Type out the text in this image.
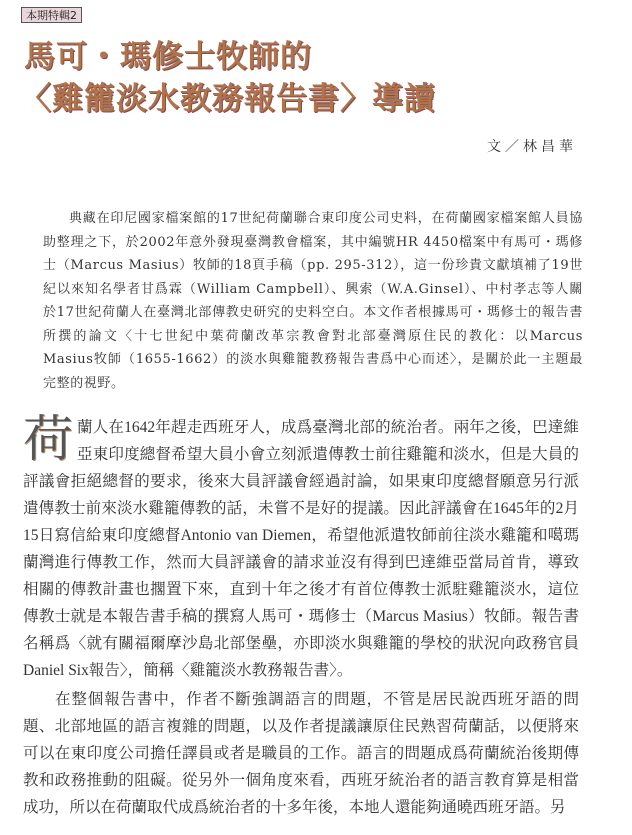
本期特輯2
馬可・瑪修士牧師的
〈雞籠淡水教務報告書〉導讀
文／林昌華

典藏在印尼國家檔案館的17世紀荷蘭聯合東印度公司史料，在荷蘭國家檔案館人員協助整理之下，於2002年意外發現臺灣教會檔案，其中編號HR 4450檔案中有馬可・瑪修士（Marcus Masius）牧師的18頁手稿（pp. 295-312），這一份珍貴文獻填補了19世紀以來知名學者甘爲霖（William Campbell）、興索（W.A.Ginsel）、中村孝志等人關於17世紀荷蘭人在臺灣北部傳教史研究的史料空白。本文作者根據馬可・瑪修士的報告書所撰的論文〈十七世紀中葉荷蘭改革宗教會對北部臺灣原住民的教化：以Marcus Masius牧師（1655-1662）的淡水與雞籠教務報告書爲中心而述〉，是關於此一主題最完整的視野。

荷蘭人在1642年趕走西班牙人，成爲臺灣北部的統治者。兩年之後，巴達維亞東印度總督希望大員小會立刻派遣傳教士前往雞籠和淡水，但是大員的評議會拒絕總督的要求，後來大員評議會經過討論，如果東印度總督願意另行派遣傳教士前來淡水雞籠傳教的話，未嘗不是好的提議。因此評議會在1645年的2月15日寫信給東印度總督Antonio van Diemen，希望他派遣牧師前往淡水雞籠和噶瑪蘭灣進行傳教工作，然而大員評議會的請求並沒有得到巴達維亞當局首肯，導致相關的傳教計畫也擱置下來，直到十年之後才有首位傳教士派駐雞籠淡水，這位傳教士就是本報告書手稿的撰寫人馬可・瑪修士（Marcus Masius）牧師。報告書名稱爲〈就有關福爾摩沙島北部堡壘，亦即淡水與雞籠的學校的狀況向政務官員Daniel Six報告〉，簡稱〈雞籠淡水教務報告書〉。

在整個報告書中，作者不斷強調語言的問題，不管是居民說西班牙語的問題、北部地區的語言複雜的問題，以及作者提議讓原住民熟習荷蘭話，以便將來可以在東印度公司擔任譯員或者是職員的工作。語言的問題成爲荷蘭統治後期傳教和政務推動的阻礙。從另外一個角度來看，西班牙統治者的語言教育算是相當成功，所以在荷蘭取代成爲統治者的十多年後，本地人還能夠通曉西班牙語。另
